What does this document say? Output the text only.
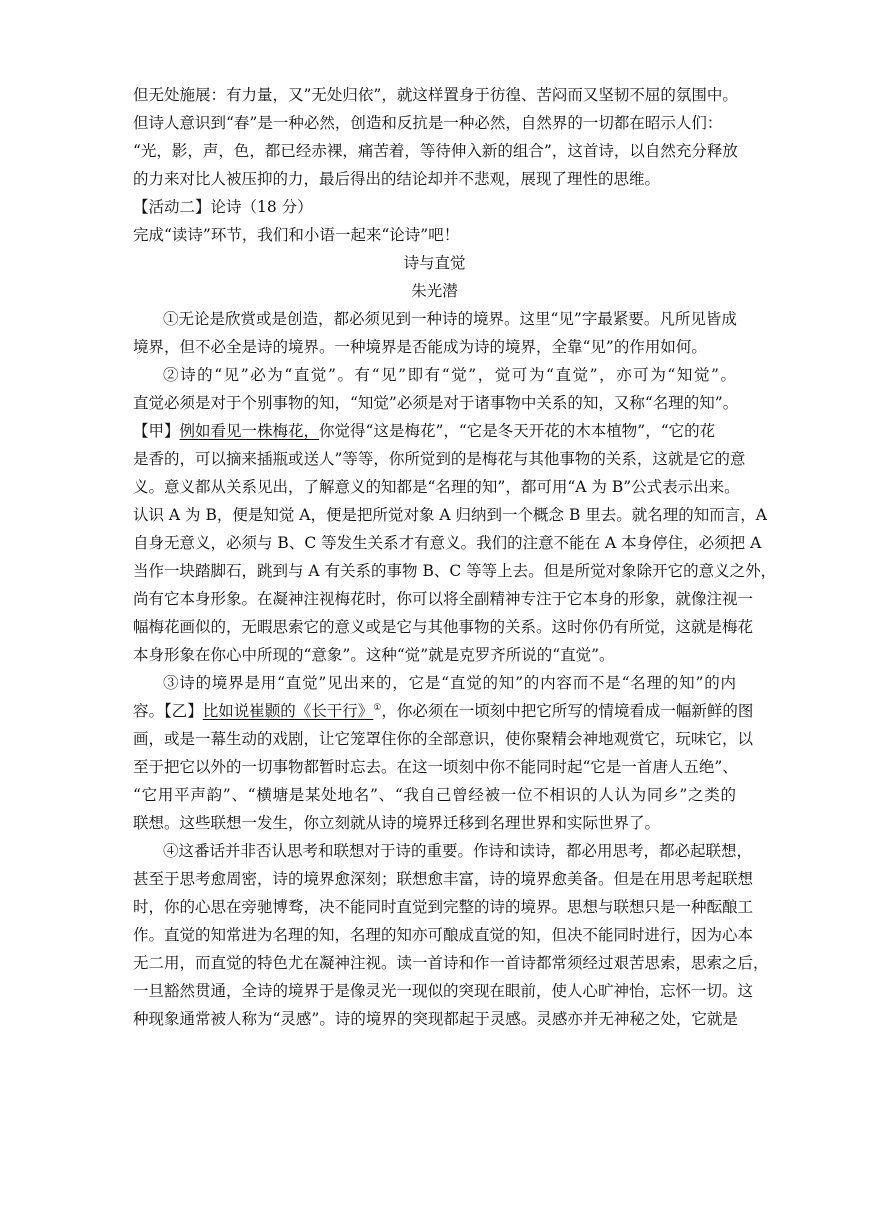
但无处施展：有力量，又”无处归依”，就这样置身于彷徨、苦闷而又坚韧不屈的氛围中。
但诗人意识到“春”是一种必然，创造和反抗是一种必然，自然界的一切都在昭示人们：
“光，影，声，色，都已经赤裸，痛苦着，等待伸入新的组合”，这首诗，以自然充分释放
的力来对比人被压抑的力，最后得出的结论却并不悲观，展现了理性的思维。
【活动二】论诗（18 分）
完成“读诗”环节，我们和小语一起来“论诗”吧！
诗与直觉
朱光潜
①无论是欣赏或是创造，都必须见到一种诗的境界。这里“见”字最紧要。凡所见皆成
境界，但不必全是诗的境界。一种境界是否能成为诗的境界，全靠“见”的作用如何。
②诗的“见”必为“直觉”。有“见”即有“觉”，觉可为“直觉”，亦可为“知觉”。
直觉必须是对于个别事物的知，“知觉”必须是对于诸事物中关系的知，又称“名理的知”。
【甲】例如看见一株梅花，你觉得“这是梅花”，“它是冬天开花的木本植物”，“它的花
是香的，可以摘来插瓶或送人”等等，你所觉到的是梅花与其他事物的关系，这就是它的意
义。意义都从关系见出，了解意义的知都是“名理的知”，都可用“A 为 B”公式表示出来。
认识 A 为 B，便是知觉 A，便是把所觉对象 A 归纳到一个概念 B 里去。就名理的知而言，A
自身无意义，必须与 B、C 等发生关系才有意义。我们的注意不能在 A 本身停住，必须把 A
当作一块踏脚石，跳到与 A 有关系的事物 B、C 等等上去。但是所觉对象除开它的意义之外，
尚有它本身形象。在凝神注视梅花时，你可以将全副精神专注于它本身的形象，就像注视一
幅梅花画似的，无暇思索它的意义或是它与其他事物的关系。这时你仍有所觉，这就是梅花
本身形象在你心中所现的“意象”。这种“觉”就是克罗齐所说的“直觉”。
③诗的境界是用“直觉”见出来的，它是“直觉的知”的内容而不是“名理的知”的内
容。【乙】比如说崔颢的《长干行》①，你必须在一顷刻中把它所写的情境看成一幅新鲜的图
画，或是一幕生动的戏剧，让它笼罩住你的全部意识，使你聚精会神地观赏它，玩味它，以
至于把它以外的一切事物都暂时忘去。在这一顷刻中你不能同时起“它是一首唐人五绝”、
“它用平声韵”、“横塘是某处地名”、“我自己曾经被一位不相识的人认为同乡”之类的
联想。这些联想一发生，你立刻就从诗的境界迁移到名理世界和实际世界了。
④这番话并非否认思考和联想对于诗的重要。作诗和读诗，都必用思考，都必起联想，
甚至于思考愈周密，诗的境界愈深刻；联想愈丰富，诗的境界愈美备。但是在用思考起联想
时，你的心思在旁驰博骛，决不能同时直觉到完整的诗的境界。思想与联想只是一种酝酿工
作。直觉的知常进为名理的知，名理的知亦可酿成直觉的知，但决不能同时进行，因为心本
无二用，而直觉的特色尤在凝神注视。读一首诗和作一首诗都常须经过艰苦思索，思索之后，
一旦豁然贯通，全诗的境界于是像灵光一现似的突现在眼前，使人心旷神怡，忘怀一切。这
种现象通常被人称为“灵感”。诗的境界的突现都起于灵感。灵感亦并无神秘之处，它就是
